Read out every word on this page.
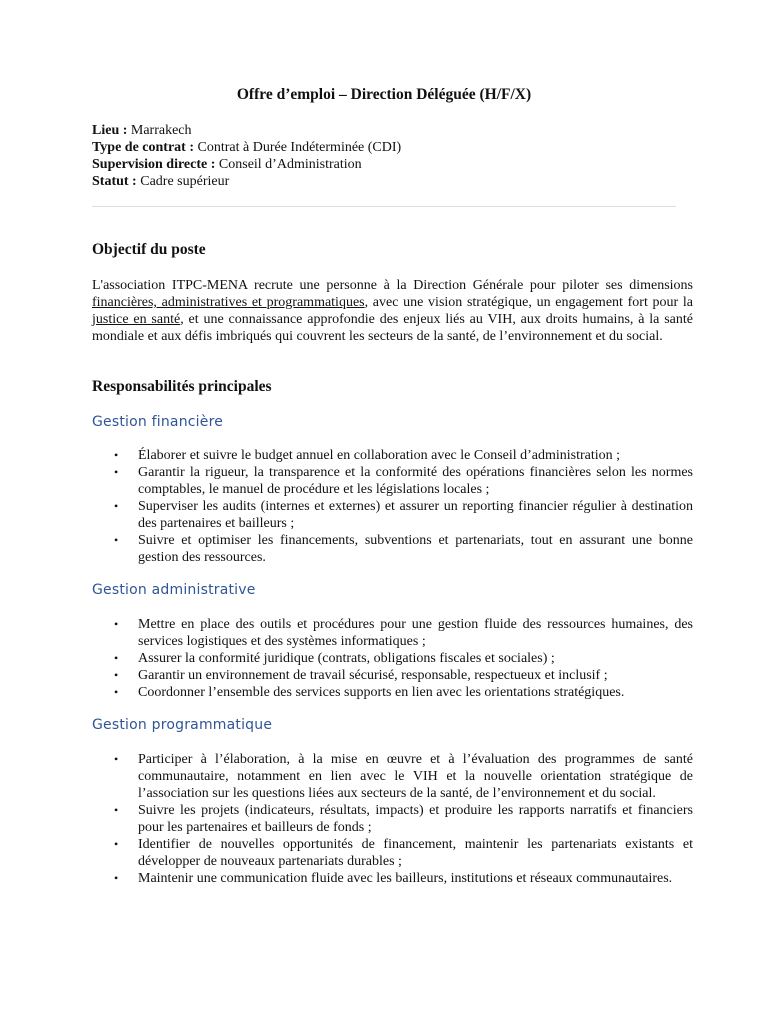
Offre d’emploi – Direction Déléguée (H/F/X)
Lieu : Marrakech
Type de contrat : Contrat à Durée Indéterminée (CDI)
Supervision directe : Conseil d’Administration
Statut : Cadre supérieur
Objectif du poste
L'association ITPC-MENA recrute une personne à la Direction Générale pour piloter ses dimensions financières, administratives et programmatiques, avec une vision stratégique, un engagement fort pour la justice en santé, et une connaissance approfondie des enjeux liés au VIH, aux droits humains, à la santé mondiale et aux défis imbriqués qui couvrent les secteurs de la santé, de l’environnement et du social.
Responsabilités principales
Gestion financière
• Élaborer et suivre le budget annuel en collaboration avec le Conseil d’administration ;
• Garantir la rigueur, la transparence et la conformité des opérations financières selon les normes comptables, le manuel de procédure et les législations locales ;
• Superviser les audits (internes et externes) et assurer un reporting financier régulier à destination des partenaires et bailleurs ;
• Suivre et optimiser les financements, subventions et partenariats, tout en assurant une bonne gestion des ressources.
Gestion administrative
• Mettre en place des outils et procédures pour une gestion fluide des ressources humaines, des services logistiques et des systèmes informatiques ;
• Assurer la conformité juridique (contrats, obligations fiscales et sociales) ;
• Garantir un environnement de travail sécurisé, responsable, respectueux et inclusif ;
• Coordonner l’ensemble des services supports en lien avec les orientations stratégiques.
Gestion programmatique
• Participer à l’élaboration, à la mise en œuvre et à l’évaluation des programmes de santé communautaire, notamment en lien avec le VIH et la nouvelle orientation stratégique de l’association sur les questions liées aux secteurs de la santé, de l’environnement et du social.
• Suivre les projets (indicateurs, résultats, impacts) et produire les rapports narratifs et financiers pour les partenaires et bailleurs de fonds ;
• Identifier de nouvelles opportunités de financement, maintenir les partenariats existants et développer de nouveaux partenariats durables ;
• Maintenir une communication fluide avec les bailleurs, institutions et réseaux communautaires.
